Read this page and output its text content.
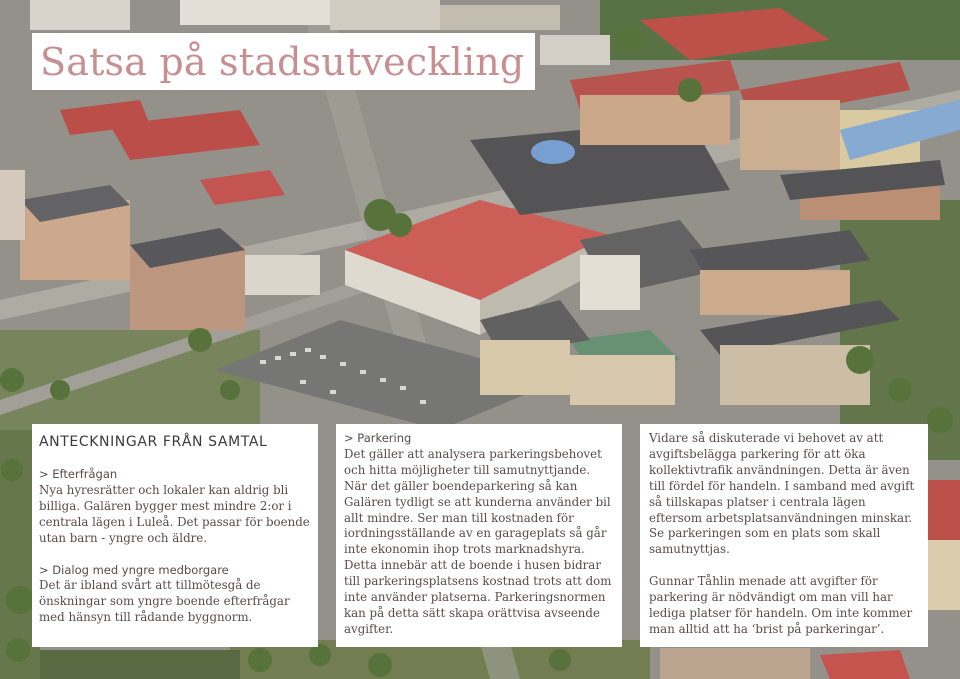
Satsa på stadsutveckling
ANTECKNINGAR FRÅN SAMTAL
> Efterfrågan
Nya hyresrätter och lokaler kan aldrig bli billiga. Galären bygger mest mindre 2:or i centrala lägen i Luleå. Det passar för boende utan barn - yngre och äldre.
> Dialog med yngre medborgare
Det är ibland svårt att tillmötesgå de önskningar som yngre boende efterfrågar med hänsyn till rådande byggnorm.
> Parkering
Det gäller att analysera parkeringsbehovet och hitta möjligheter till samutnyttjande. När det gäller boendeparkering så kan Galären tydligt se att kunderna använder bil allt mindre. Ser man till kostnaden för iordningsställande av en garageplats så går inte ekonomin ihop trots marknadshyra. Detta innebär att de boende i husen bidrar till parkeringsplatsens kostnad trots att dom inte använder platserna. Parkeringsnormen kan på detta sätt skapa orättvisa avseende avgifter.
Vidare så diskuterade vi behovet av att avgiftsbelägga parkering för att öka kollektivtrafik användningen. Detta är även till fördel för handeln. I samband med avgift så tillskapas platser i centrala lägen eftersom arbetsplatsanvändningen minskar. Se parkeringen som en plats som skall samutnyttjas.
Gunnar Tåhlin menade att avgifter för parkering är nödvändigt om man vill har lediga platser för handeln. Om inte kommer man alltid att ha ‘brist på parkeringar’.
